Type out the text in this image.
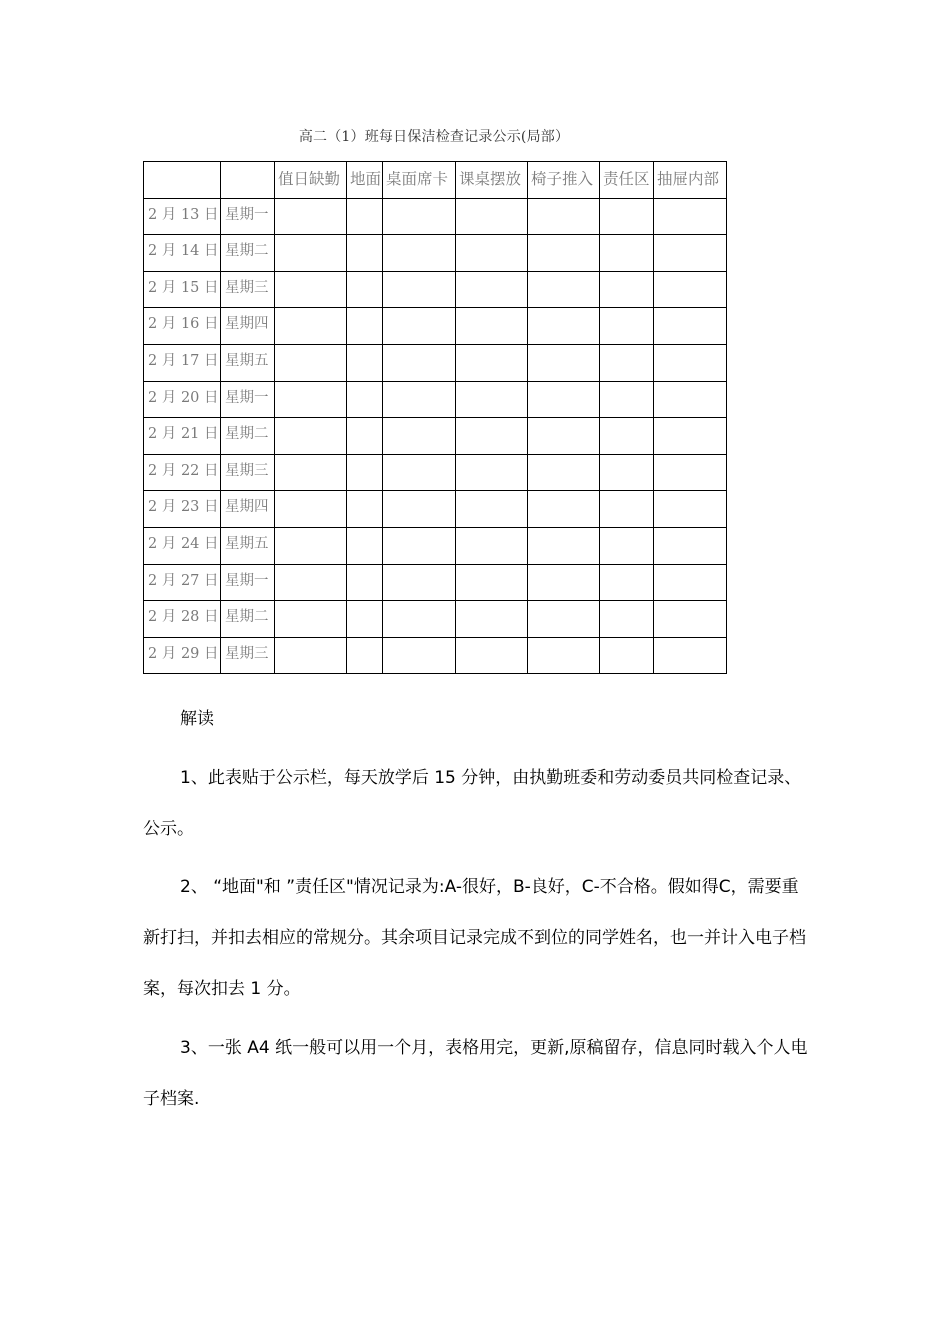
高二（1）班每日保洁检查记录公示(局部）
		值日缺勤	地面	桌面席卡	课桌摆放	椅子推入	责任区	抽屉内部
2 月 13 日	星期一							
2 月 14 日	星期二							
2 月 15 日	星期三							
2 月 16 日	星期四							
2 月 17 日	星期五							
2 月 20 日	星期一							
2 月 21 日	星期二							
2 月 22 日	星期三							
2 月 23 日	星期四							
2 月 24 日	星期五							
2 月 27 日	星期一							
2 月 28 日	星期二							
2 月 29 日	星期三							
解读

1、此表贴于公示栏，每天放学后 15 分钟，由执勤班委和劳动委员共同检查记录、公示。

2、 “地面"和 ”责任区"情况记录为:A-很好，B-良好，C-不合格。假如得C，需要重新打扫，并扣去相应的常规分。其余项目记录完成不到位的同学姓名，也一并计入电子档案，每次扣去 1 分。

3、一张 A4 纸一般可以用一个月，表格用完，更新,原稿留存，信息同时载入个人电子档案.
